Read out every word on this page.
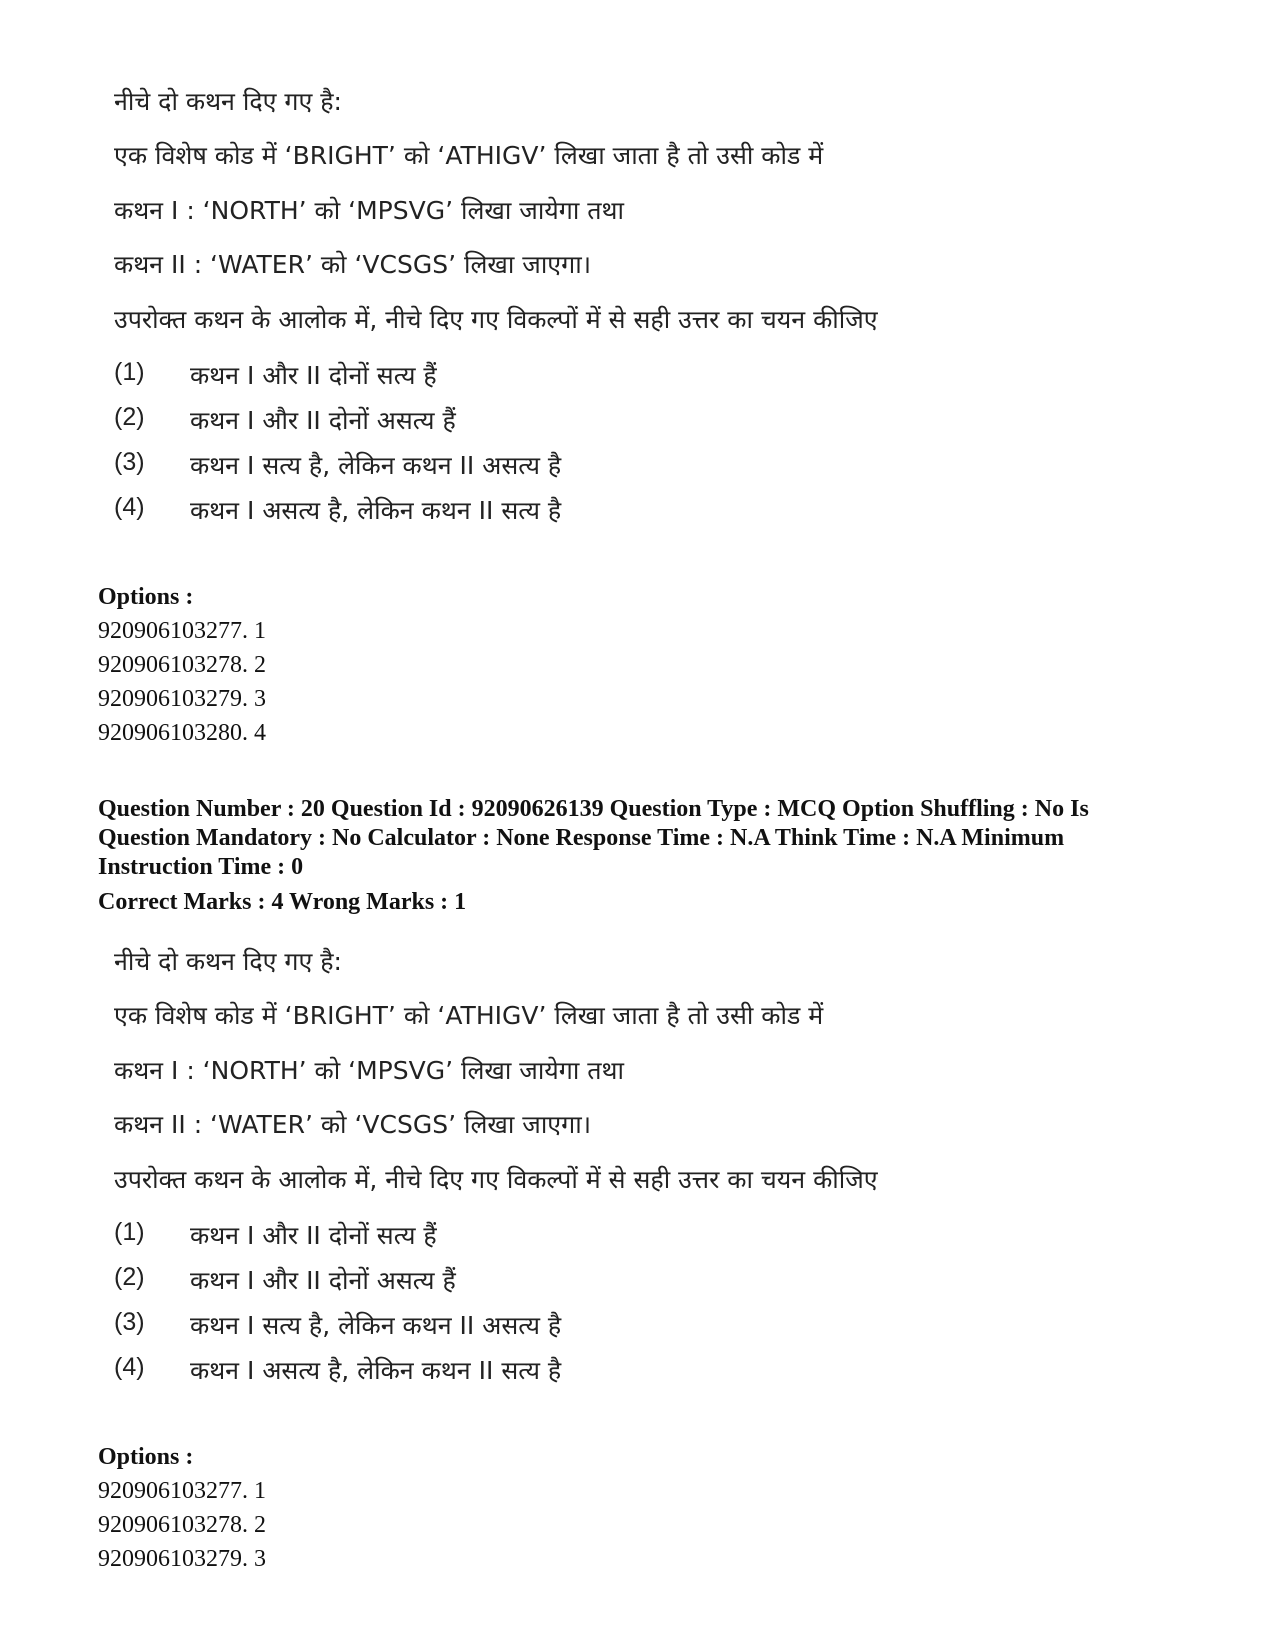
नीचे दो कथन दिए गए है:
एक विशेष कोड में ‘BRIGHT’ को ‘ATHIGV’ लिखा जाता है तो उसी कोड में
कथन I : ‘NORTH’ को ‘MPSVG’ लिखा जायेगा तथा
कथन II : ‘WATER’ को ‘VCSGS’ लिखा जाएगा।
उपरोक्त कथन के आलोक में, नीचे दिए गए विकल्पों में से सही उत्तर का चयन कीजिए
(1)	कथन I और II दोनों सत्य हैं
(2)	कथन I और II दोनों असत्य हैं
(3)	कथन I सत्य है, लेकिन कथन II असत्य है
(4)	कथन I असत्य है, लेकिन कथन II सत्य है
Options :
920906103277. 1
920906103278. 2
920906103279. 3
920906103280. 4
Question Number : 20 Question Id : 92090626139 Question Type : MCQ Option Shuffling : No Is Question Mandatory : No Calculator : None Response Time : N.A Think Time : N.A Minimum Instruction Time : 0
Correct Marks : 4 Wrong Marks : 1
नीचे दो कथन दिए गए है:
एक विशेष कोड में ‘BRIGHT’ को ‘ATHIGV’ लिखा जाता है तो उसी कोड में
कथन I : ‘NORTH’ को ‘MPSVG’ लिखा जायेगा तथा
कथन II : ‘WATER’ को ‘VCSGS’ लिखा जाएगा।
उपरोक्त कथन के आलोक में, नीचे दिए गए विकल्पों में से सही उत्तर का चयन कीजिए
(1)	कथन I और II दोनों सत्य हैं
(2)	कथन I और II दोनों असत्य हैं
(3)	कथन I सत्य है, लेकिन कथन II असत्य है
(4)	कथन I असत्य है, लेकिन कथन II सत्य है
Options :
920906103277. 1
920906103278. 2
920906103279. 3
